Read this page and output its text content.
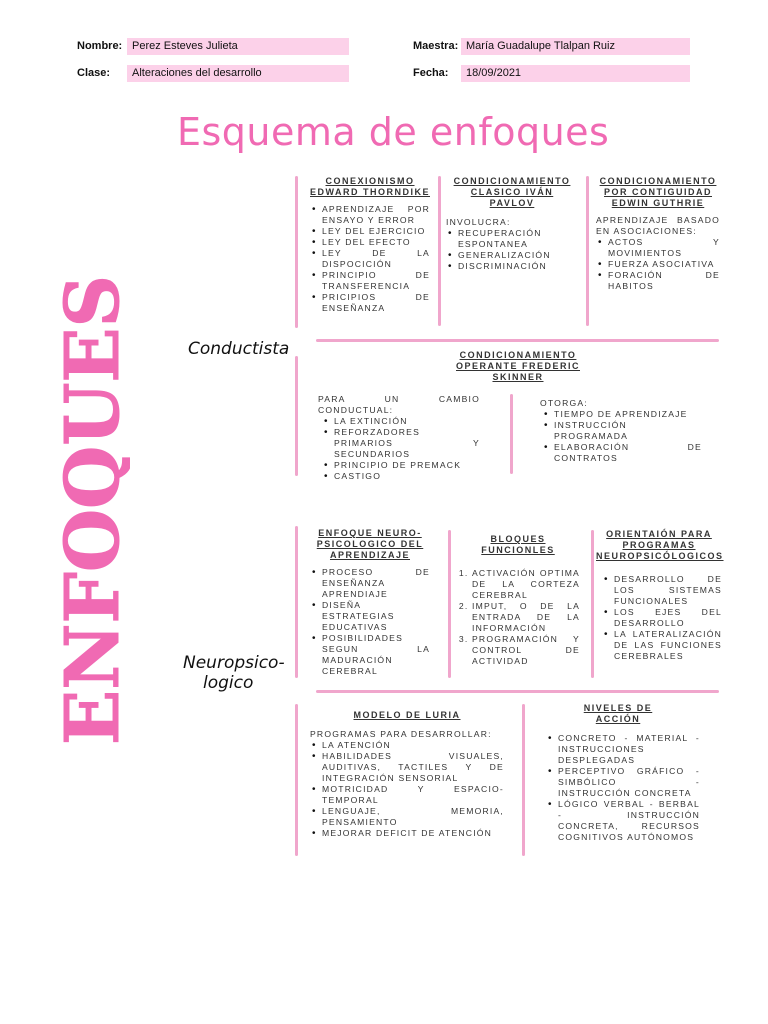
Nombre: Perez Esteves Julieta
Clase:	Alteraciones del desarrollo
Maestra: María Guadalupe Tlalpan Ruiz
Fecha:	18/09/2021
Esquema de enfoques
ENFOQUES	Conductista
Neuropsico-
logico
CONEXIONISMO EDWARD THORNDIKE
• APRENDIZAJE POR ENSAYO Y ERROR
• LEY DEL EJERCICIO
• LEY DEL EFECTO
• LEY DE LA DISPOCICIÓN
• PRINCIPIO DE TRANSFERENCIA
• PRICIPIOS DE ENSEÑANZA
CONDICIONAMIENTO CLASICO IVÁN PAVLOV
INVOLUCRA:
• RECUPERACIÓN ESPONTANEA
• GENERALIZACIÓN
• DISCRIMINACIÓN
CONDICIONAMIENTO POR CONTIGUIDAD EDWIN GUTHRIE
APRENDIZAJE BASADO EN ASOCIACIONES:
• ACTOS Y MOVIMIENTOS
• FUERZA ASOCIATIVA
• FORACIÓN DE HABITOS
CONDICIONAMIENTO OPERANTE FREDERIC SKINNER
PARA UN CAMBIO CONDUCTUAL:
• LA EXTINCIÓN
• REFORZADORES PRIMARIOS Y SECUNDARIOS
• PRINCIPIO DE PREMACK
• CASTIGO
OTORGA:
• TIEMPO DE APRENDIZAJE
• INSTRUCCIÓN PROGRAMADA
• ELABORACIÓN DE CONTRATOS
ENFOQUE NEURO-PSICOLOGICO DEL APRENDIZAJE
• PROCESO DE ENSEÑANZA APRENDIAJE
• DISEÑA ESTRATEGIAS EDUCATIVAS
• POSIBILIDADES SEGUN LA MADURACIÓN CEREBRAL
BLOQUES FUNCIONLES
1. ACTIVACIÓN OPTIMA DE LA CORTEZA CEREBRAL
2. IMPUT, O DE LA ENTRADA DE LA INFORMACIÓN
3. PROGRAMACIÓN Y CONTROL DE ACTIVIDAD
ORIENTAIÓN PARA PROGRAMAS NEUROPSICÓLOGICOS
• DESARROLLO DE LOS SISTEMAS FUNCIONALES
• LOS EJES DEL DESARROLLO
• LA LATERALIZACIÓN DE LAS FUNCIONES CEREBRALES
MODELO DE LURIA
PROGRAMAS PARA DESARROLLAR:
• LA ATENCIÓN
• HABILIDADES VISUALES, AUDITIVAS, TACTILES Y DE INTEGRACIÓN SENSORIAL
• MOTRICIDAD Y ESPACIO-TEMPORAL
• LENGUAJE, MEMORIA, PENSAMIENTO
• MEJORAR DEFICIT DE ATENCIÓN
NIVELES DE ACCIÓN
• CONCRETO - MATERIAL - INSTRUCCIONES DESPLEGADAS
• PERCEPTIVO GRÁFICO - SIMBÓLICO - INSTRUCCIÓN CONCRETA
• LÓGICO VERBAL - BERBAL - INSTRUCCIÓN CONCRETA, RECURSOS COGNITIVOS AUTÓNOMOS
